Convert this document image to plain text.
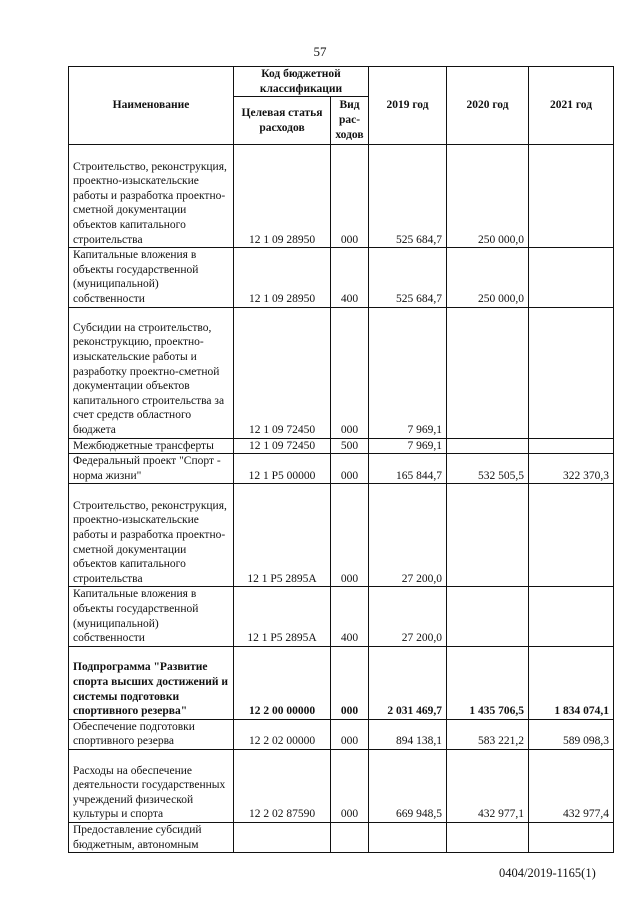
57
Наименование	Код бюджетной классификации		2019 год	2020 год	2021 год
	Целевая статья расходов	Вид рас-ходов			
Строительство, реконструкция, проектно-изыскательские работы и разработка проектно-сметной документации объектов капитального строительства	12 1 09 28950	000	525 684,7	250 000,0	
Капитальные вложения в объекты государственной (муниципальной) собственности	12 1 09 28950	400	525 684,7	250 000,0	
Субсидии на строительство, реконструкцию, проектно-изыскательские работы и разработку проектно-сметной документации объектов капитального строительства за счет средств областного бюджета	12 1 09 72450	000	7 969,1		
Межбюджетные трансферты	12 1 09 72450	500	7 969,1		
Федеральный проект "Спорт - норма жизни"	12 1 P5 00000	000	165 844,7	532 505,5	322 370,3
Строительство, реконструкция, проектно-изыскательские работы и разработка проектно-сметной документации объектов капитального строительства	12 1 P5 2895A	000	27 200,0		
Капитальные вложения в объекты государственной (муниципальной) собственности	12 1 P5 2895A	400	27 200,0		
Подпрограмма "Развитие спорта высших достижений и системы подготовки спортивного резерва"	12 2 00 00000	000	2 031 469,7	1 435 706,5	1 834 074,1
Обеспечение подготовки спортивного резерва	12 2 02 00000	000	894 138,1	583 221,2	589 098,3
Расходы на обеспечение деятельности государственных учреждений физической культуры и спорта	12 2 02 87590	000	669 948,5	432 977,1	432 977,4
Предоставление субсидий бюджетным, автономным					
0404/2019-1165(1)
